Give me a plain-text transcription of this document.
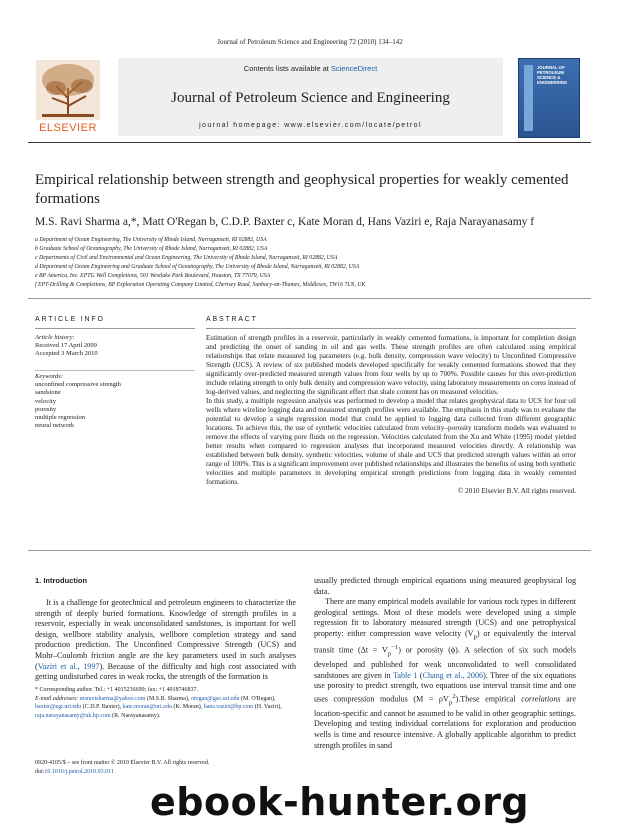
Journal of Petroleum Science and Engineering 72 (2010) 134–142
Contents lists available at ScienceDirect
Journal of Petroleum Science and Engineering
journal homepage: www.elsevier.com/locate/petrol
ELSEVIER
JOURNAL OF PETROLEUM SCIENCE & ENGINEERING
Empirical relationship between strength and geophysical properties for weakly cemented formations
M.S. Ravi Sharma a,*, Matt O'Regan b, C.D.P. Baxter c, Kate Moran d, Hans Vaziri e, Raja Narayanasamy f
a Department of Ocean Engineering, The University of Rhode Island, Narragansett, RI 02882, USA
b Graduate School of Oceanography, The University of Rhode Island, Narragansett, RI 02882, USA
c Departments of Civil and Environmental and Ocean Engineering, The University of Rhode Island, Narragansett, RI 02882, USA
d Department of Ocean Engineering and Graduate School of Oceanography, The University of Rhode Island, Narragansett, RI 02882, USA
e BP America, Inc. EPTG Well Completions, 501 Westlake Park Boulevard, Houston, TX 77079, USA
f EPT-Drilling & Completions, BP Exploration Operating Company Limited, Chertsey Road, Sunbury-on-Thames, Middlesex, TW16 7LN, UK
ARTICLE INFO
Article history:
Received 17 April 2009
Accepted 3 March 2010
Keywords:
unconfined compressive strength
sandstone
velocity
porosity
multiple regression
neural network
ABSTRACT

Estimation of strength profiles in a reservoir, particularly in weakly cemented formations, is important for completion design and predicting the onset of sanding in oil and gas wells. These strength profiles are often calculated using empirical relationships that relate measured log parameters (e.g. bulk density, compression wave velocity) to Unconfined Compressive Strength (UCS). A review of six published models developed specifically for weakly cemented formations showed that they significantly over-predicted measured strength values from four wells by up to 700%. Possible causes for this over-prediction include relating strength to only bulk density and compression wave velocity, using laboratory measurements on cores instead of log-derived values, and neglecting the significant effect that shale content has on measured velocities.

In this study, a multiple regression analysis was performed to develop a model that relates geophysical data to UCS for four oil wells where wireline logging data and measured strength profiles were available. The emphasis in this study was to evaluate the potential to develop a single regression model that could be applied to logging data collected from different geographic locations. To achieve this, the use of synthetic velocities calculated from velocity–porosity transform models was evaluated to remove the effects of varying pore fluids on the regression. Velocities calculated from the Xu and White (1995) model yielded better results when compared to regression analyses that incorporated measured velocities directly. A relationship was established between bulk density, synthetic velocities, volume of shale and UCS that predicted strength values within an error range of 100%. This is a significant improvement over published relationships and illustrates the benefits of using both synthetic velocities and multiple parameters in developing empirical strength predictions from logging data in weakly cemented formations.

© 2010 Elsevier B.V. All rights reserved.

1. Introduction

It is a challenge for geotechnical and petroleum engineers to characterize the strength of deeply buried formations. Knowledge of strength profiles in a reservoir, especially in weak unconsolidated sandstones, is important for well design, wellbore stability analysis, wellbore completion strategy and sand production prediction. The Unconfined Compressive Strength (UCS) and Mohr–Coulomb friction angle are the key parameters used in such analyses (Vaziri et al., 1997). Because of the difficulty and high cost associated with getting undisturbed cores in weak rocks, the strength of the formation is

usually predicted through empirical equations using measured geophysical log data.

There are many empirical models available for various rock types in different geological settings. Most of these models were developed using a simple regression fit to laboratory measured strength (UCS) and one petrophysical property: either compression wave velocity $(V_p)$ or equivalently the interval transit time $(\Delta t = V_p^{-1})$ or porosity (ϕ). A selection of six such models developed and published for weak unconsolidated to well consolidated sandstones are given in Table 1 (Chang et al., 2006). Three of the six equations use porosity to predict strength, two equations use interval transit time and one uses compression modulus $(M = \rho V_p^2).These$ empirical correlations are location-specific and cannot be assumed to be valid in other geographic settings. Developing and testing individual correlations for exploration and production wells is time and resource intensive. A globally applicable algorithm to predict strength profiles in sand

* Corresponding author. Tel.: +1 4015236699; fax: +1 4018746837.
E-mail addresses: msravisharma@yahoo.com (M.S.R. Sharma), oregan@gso.uri.edu (M. O'Regan), baxter@egr.uri.edu (C.D.P. Baxter), kate.moran@uri.edu (K. Moran), hans.vaziri@bp.com (H. Vaziri), raja.narayanasamy@uk.bp.com (R. Narayanasamy).
0920-4105/$ – see front matter © 2010 Elsevier B.V. All rights reserved.
doi:10.1016/j.petrol.2010.03.011
ebook-hunter.org
